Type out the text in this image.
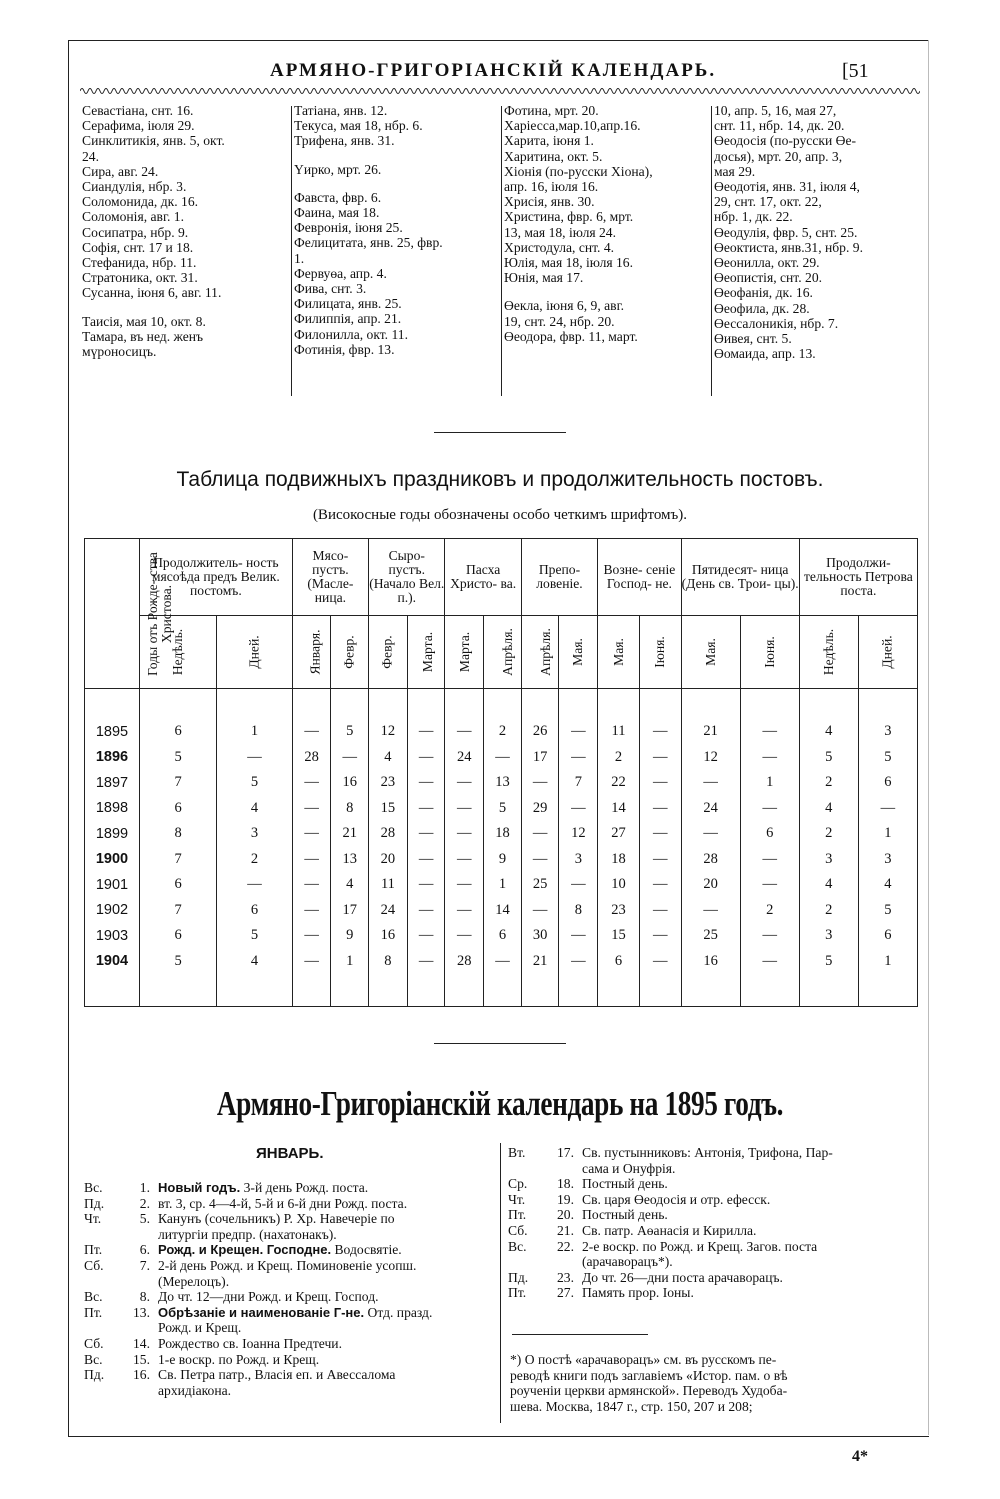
АРМЯНО-ГРИГОРІАНСКІЙ КАЛЕНДАРЬ.	[51
Севастіана, снт. 16.
Серафима, іюля 29.
Синклитикія, янв. 5, окт.
24.
Сира, авг. 24.
Сиандулія, нбр. 3.
Соломонида, дк. 16.
Соломонія, авг. 1.
Сосипатра, нбр. 9.
Софія, снт. 17 и 18.
Стефанида, нбр. 11.
Стратоника, окт. 31.
Сусанна, іюня 6, авг. 11.
Таисія, мая 10, окт. 8.
Тамара, въ нед. женъ
мүроносицъ.
Татіана, янв. 12.
Текуса, мая 18, нбр. 6.
Трифена, янв. 31.
Үирко, мрт. 26.
Фавста, фвр. 6.
Фаина, мая 18.
Февронія, іюня 25.
Фелицитата, янв. 25, фвр.
1.
Фервуөа, апр. 4.
Фива, снт. 3.
Филицата, янв. 25.
Филиппія, апр. 21.
Филонилла, окт. 11.
Фотинія, фвр. 13.
Фотина, мрт. 20.
Харіесса,мар.10,апр.16.
Харита, іюня 1.
Харитина, окт. 5.
Хіонія (по-русски Хіона),
апр. 16, іюля 16.
Хрисія, янв. 30.
Христина, фвр. 6, мрт.
13, мая 18, іюля 24.
Христодула, снт. 4.
Юлія, мая 18, іюля 16.
Юнія, мая 17.
Өекла, іюня 6, 9, авг.
19, снт. 24, нбр. 20.
Өеодора, фвр. 11, март.
10, апр. 5, 16, мая 27,
снт. 11, нбр. 14, дк. 20.
Өеодосія (по-русски Өе-
досья), мрт. 20, апр. 3,
мая 29.
Өеодотія, янв. 31, іюля 4,
29, снт. 17, окт. 22,
нбр. 1, дк. 22.
Өеодулія, фвр. 5, снт. 25.
Өеоктиста, янв.31, нбр. 9.
Өеонилла, окт. 29.
Өеопистія, снт. 20.
Өеофанія, дк. 16.
Өеофила, дк. 28.
Өессалоникія, нбр. 7.
Өивея, снт. 5.
Өомаида, апр. 13.
Таблица подвижныхъ праздниковъ и продолжительность постовъ.
(Високосные годы обозначены особо четкимъ шрифтомъ).
Годы отъ Рожде- ства Христова.	Продолжитель- ность мясоѣда предъ Велик. постомъ.		Мясо- пустъ. (Масле- ница.		Сыро- пустъ. (Начало Вел. п.).		Пасха Христо- ва.		Препо- ловеніе.		Возне- сеніе Господ- не.		Пятидесят- ница (День св. Трои- цы).		Продолжи- тельность Петрова поста.	
	Недѣль.	Дней.	Января.	Февр.	Февр.	Марта.	Марта.	Апрѣля.	Апрѣля.	Мая.	Мая.	Іюня.	Мая.	Іюня.	Недѣль.	Дней.
1895	6	1	—	5	12	—	—	2	26	—	11	—	21	—	4	3
1896	5	—	28	—	4	—	24	—	17	—	2	—	12	—	5	5
1897	7	5	—	16	23	—	—	13	—	7	22	—	—	1	2	6
1898	6	4	—	8	15	—	—	5	29	—	14	—	24	—	4	—
1899	8	3	—	21	28	—	—	18	—	12	27	—	—	6	2	1
1900	7	2	—	13	20	—	—	9	—	3	18	—	28	—	3	3
1901	6	—	—	4	11	—	—	1	25	—	10	—	20	—	4	4
1902	7	6	—	17	24	—	—	14	—	8	23	—	—	2	2	5
1903	6	5	—	9	16	—	—	6	30	—	15	—	25	—	3	6
1904	5	4	—	1	8	—	28	—	21	—	6	—	16	—	5	1
Армяно-Григоріанскій календарь на 1895 годъ.
ЯНВАРЬ.
Вс.	1. Новый годъ. 3-й день Рожд. поста.
Пд.	2. вт. 3, ср. 4—4-й, 5-й и 6-й дни Рожд. поста.
Чт.	5. Канунъ (сочельникъ) Р. Хр. Навечеріе по
литургіи предпр. (нахатонакъ).
Пт.	6. Рожд. и Крещен. Господне. Водосвятіе.
Сб.	7. 2-й день Рожд. и Крещ. Поминовеніе усопш.
(Мерелоцъ).
Вс.	8. До чт. 12—дни Рожд. и Крещ. Господ.
Пт.	13. Обрѣзаніе и наименованіе Г-не. Отд. празд.
Рожд. и Крещ.
Сб.	14. Рождество св. Іоанна Предтечи.
Вс.	15. 1-е воскр. по Рожд. и Крещ.
Пд.	16. Св. Петра патр., Власія еп. и Авессалома
архидіакона.
Вт.	17. Св. пустынниковъ: Антонія, Трифона, Пар-
сама и Онуфрія.
Ср.	18. Постный день.
Чт.	19. Св. царя Өеодосія и отр. ефесск.
Пт.	20. Постный день.
Сб.	21. Св. патр. Аөанасія и Кирилла.
Вс.	22. 2-е воскр. по Рожд. и Крещ. Загов. поста
(арачаворацъ*).
Пд.	23. До чт. 26—дни поста арачаворацъ.
Пт.	27. Память прор. Іоны.
*) О постѣ «арачаворацъ» см. въ русскомъ пе-
реводѣ книги подъ заглавіемъ «Истор. пам. о вѣ
роученіи церкви армянской». Переводъ Худоба-
шева. Москва, 1847 г., стр. 150, 207 и 208;
4*
